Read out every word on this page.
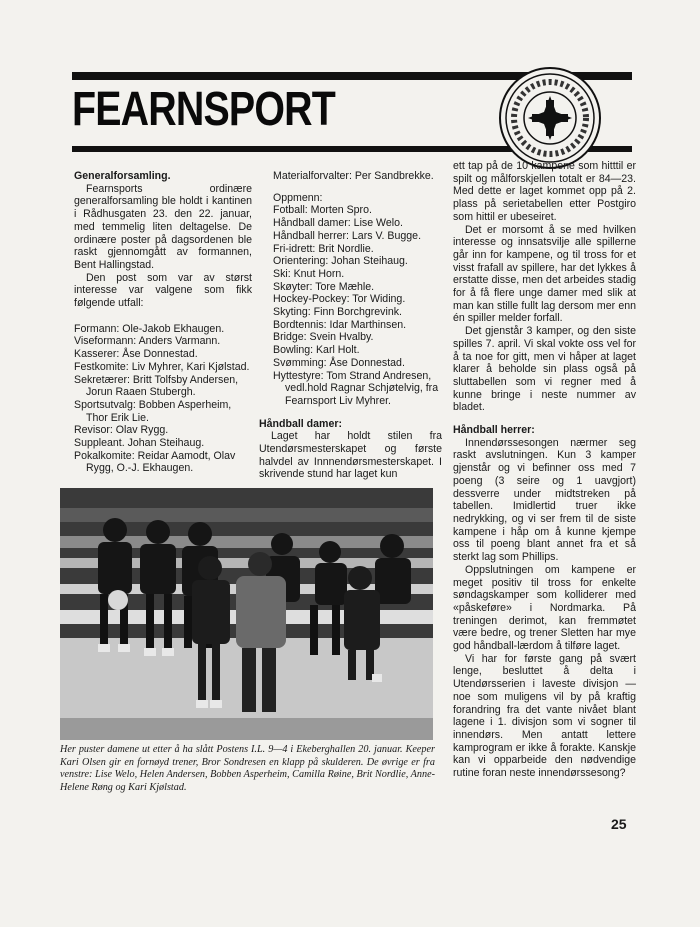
FEARNSPORT

Generalforsamling.

Fearnsports ordinære generalforsamling ble holdt i kantinen i Rådhusgaten 23. den 22. januar, med temmelig liten deltagelse. De ordinære poster på dagsordenen ble raskt gjennomgått av formannen, Bent Hallingstad.

Den post som var av størst interesse var valgene som fikk følgende utfall:

Formann: Ole-Jakob Ekhaugen.

Viseformann: Anders Varmann.

Kasserer: Åse Donnestad.

Festkomite: Liv Myhrer, Kari Kjølstad.

Sekretærer: Britt Tolfsby Andersen, Jorun Raaen Stubergh.

Sportsutvalg: Bobben Asperheim, Thor Erik Lie.

Revisor: Olav Rygg.

Suppleant. Johan Steihaug.

Pokalkomite: Reidar Aamodt, Olav Rygg, O.-J. Ekhaugen.

Materialforvalter: Per Sandbrekke.

Oppmenn:

Fotball: Morten Spro.

Håndball damer: Lise Welo.

Håndball herrer: Lars V. Bugge.

Fri-idrett: Brit Nordlie.

Orientering: Johan Steihaug.

Ski: Knut Horn.

Skøyter: Tore Mæhle.

Hockey-Pockey: Tor Widing.

Skyting: Finn Borchgrevink.

Bordtennis: Idar Marthinsen.

Bridge: Svein Hvalby.

Bowling: Karl Holt.

Svømming: Åse Donnestad.

Hyttestyre: Tom Strand Andresen, vedl.hold Ragnar Schjøtelvig, fra Fearnsport Liv Myhrer.

Håndball damer:

Laget har holdt stilen fra Utendørsmesterskapet og første halvdel av Innnendørsmesterskapet. I skrivende stund har laget kun

ett tap på de 10 kampene som hitttil er spilt og målforskjellen totalt er 84—23. Med dette er laget kommet opp på 2. plass på serietabellen etter Postgiro som hittil er ubeseiret.

Det er morsomt å se med hvilken interesse og innsatsvilje alle spillerne går inn for kampene, og til tross for et visst frafall av spillere, har det lykkes å erstatte disse, men det arbeides stadig for å få flere unge damer med slik at man kan stille fullt lag dersom mer enn én spiller melder forfall.

Det gjenstår 3 kamper, og den siste spilles 7. april. Vi skal vokte oss vel for å ta noe for gitt, men vi håper at laget klarer å beholde sin plass også på sluttabellen som vi regner med å kunne bringe i neste nummer av bladet.

Håndball herrer:

Innendørssesongen nærmer seg raskt avslutningen. Kun 3 kamper gjenstår og vi befinner oss med 7 poeng (3 seire og 1 uavgjort) dessverre under midtstreken på tabellen. Imidlertid truer ikke nedrykking, og vi ser frem til de siste kampene i håp om å kunne kjempe oss til poeng blant annet fra et så sterkt lag som Phillips.

Oppslutningen om kampene er meget positiv til tross for enkelte søndagskamper som kolliderer med «påskeføre» i Nordmarka. På treningen derimot, kan fremmøtet være bedre, og trener Sletten har mye god håndball-lærdom å tilføre laget.

Vi har for første gang på svært lenge, besluttet å delta i Utendørsserien i laveste divisjon — noe som muligens vil by på kraftig forandring fra det vante nivået blant lagene i 1. divisjon som vi sogner til innendørs. Men antatt lettere kamprogram er ikke å forakte. Kanskje kan vi opparbeide den nødvendige rutine foran neste innendørssesong?

Her puster damene ut etter å ha slått Postens I.L. 9—4 i Ekeberghallen 20. januar. Keeper Kari Olsen gir en fornøyd trener, Bror Sondresen en klapp på skulderen. De øvrige er fra venstre: Lise Welo, Helen Andersen, Bobben Asperheim, Camilla Røine, Brit Nordlie, Anne-Helene Røng og Kari Kjølstad.
25
